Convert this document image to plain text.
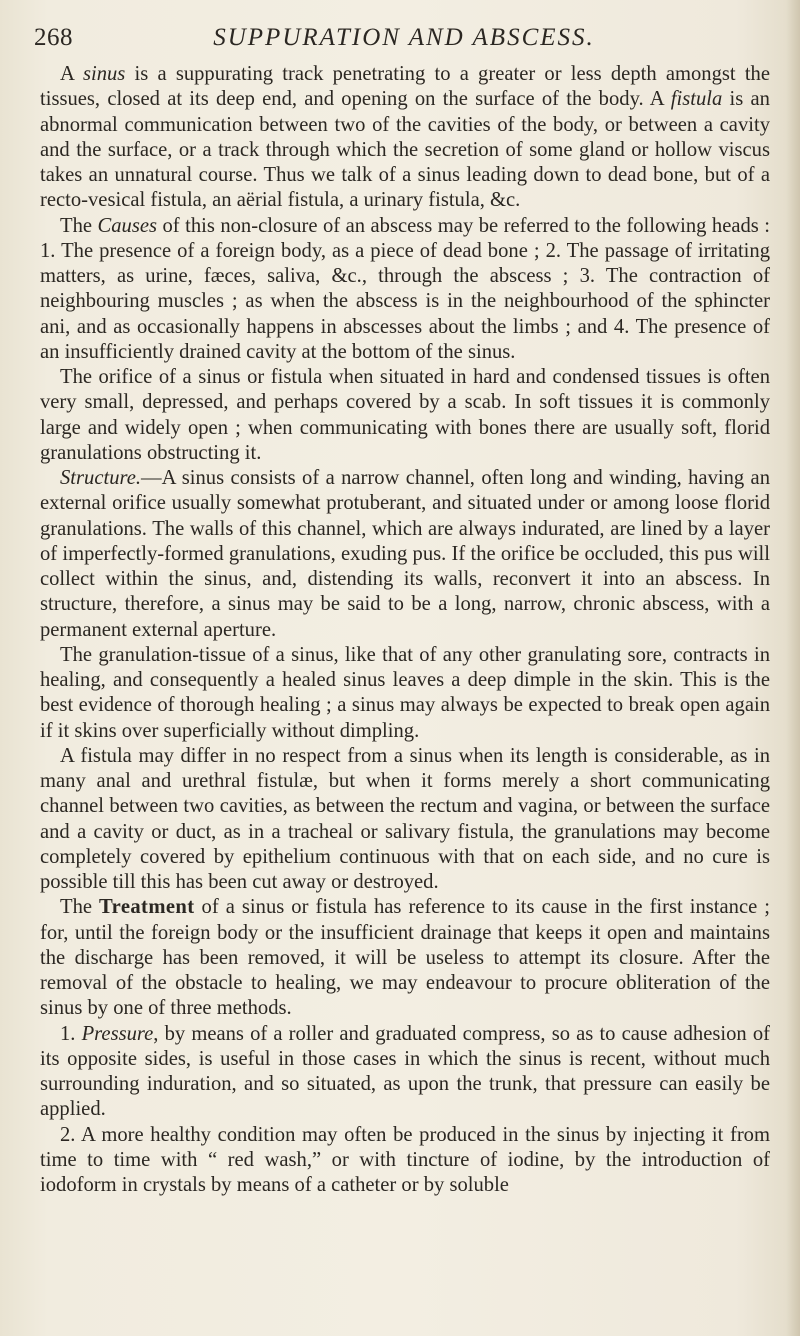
268	SUPPURATION AND ABSCESS.

A sinus is a suppurating track penetrating to a greater or less depth amongst the tissues, closed at its deep end, and opening on the surface of the body. A fistula is an abnormal communication between two of the cavities of the body, or between a cavity and the surface, or a track through which the secretion of some gland or hollow viscus takes an unnatural course. Thus we talk of a sinus leading down to dead bone, but of a recto-vesical fistula, an aërial fistula, a urinary fistula, &c.

The Causes of this non-closure of an abscess may be referred to the following heads : 1. The presence of a foreign body, as a piece of dead bone ; 2. The passage of irritating matters, as urine, fæces, saliva, &c., through the abscess ; 3. The contraction of neighbouring muscles ; as when the abscess is in the neighbourhood of the sphincter ani, and as occasionally happens in abscesses about the limbs ; and 4. The presence of an insufficiently drained cavity at the bottom of the sinus.

The orifice of a sinus or fistula when situated in hard and condensed tissues is often very small, depressed, and perhaps covered by a scab. In soft tissues it is commonly large and widely open ; when communicating with bones there are usually soft, florid granulations obstructing it.

Structure.—A sinus consists of a narrow channel, often long and winding, having an external orifice usually somewhat protuberant, and situated under or among loose florid granulations. The walls of this channel, which are always indurated, are lined by a layer of imperfectly-formed granulations, exuding pus. If the orifice be occluded, this pus will collect within the sinus, and, distending its walls, reconvert it into an abscess. In structure, therefore, a sinus may be said to be a long, narrow, chronic abscess, with a permanent external aperture.

The granulation-tissue of a sinus, like that of any other granulating sore, contracts in healing, and consequently a healed sinus leaves a deep dimple in the skin. This is the best evidence of thorough healing ; a sinus may always be expected to break open again if it skins over superficially without dimpling.

A fistula may differ in no respect from a sinus when its length is considerable, as in many anal and urethral fistulæ, but when it forms merely a short communicating channel between two cavities, as between the rectum and vagina, or between the surface and a cavity or duct, as in a tracheal or salivary fistula, the granulations may become completely covered by epithelium continuous with that on each side, and no cure is possible till this has been cut away or destroyed.

The Treatment of a sinus or fistula has reference to its cause in the first instance ; for, until the foreign body or the insufficient drainage that keeps it open and maintains the discharge has been removed, it will be useless to attempt its closure. After the removal of the obstacle to healing, we may endeavour to procure obliteration of the sinus by one of three methods.

1. Pressure, by means of a roller and graduated compress, so as to cause adhesion of its opposite sides, is useful in those cases in which the sinus is recent, without much surrounding induration, and so situated, as upon the trunk, that pressure can easily be applied.

2. A more healthy condition may often be produced in the sinus by injecting it from time to time with “ red wash,” or with tincture of iodine, by the introduction of iodoform in crystals by means of a catheter or by soluble
